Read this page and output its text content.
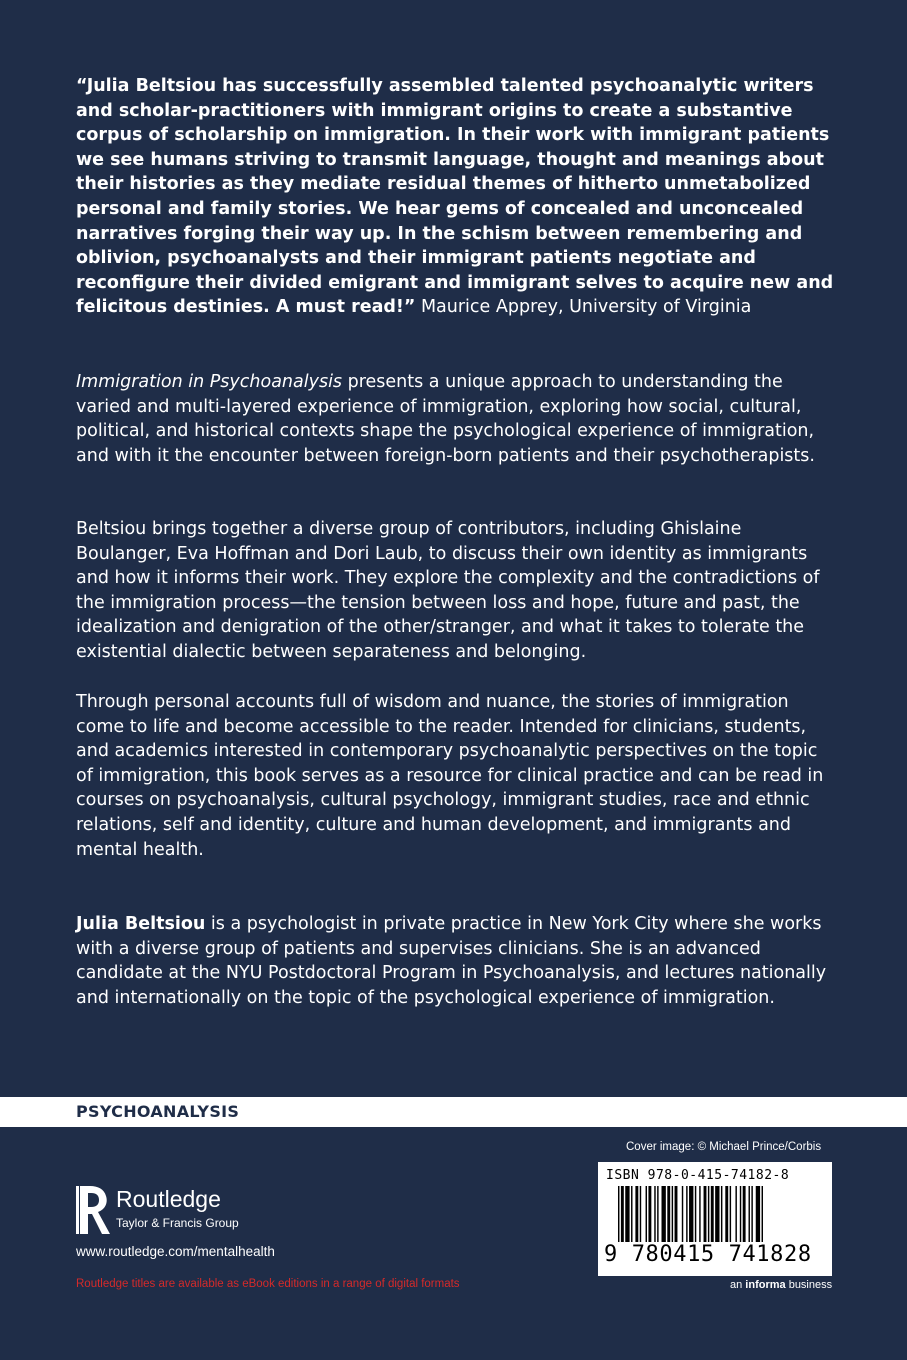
“Julia Beltsiou has successfully assembled talented psychoanalytic writers and scholar-practitioners with immigrant origins to create a substantive corpus of scholarship on immigration. In their work with immigrant patients we see humans striving to transmit language, thought and meanings about their histories as they mediate residual themes of hitherto unmetabolized personal and family stories. We hear gems of concealed and unconcealed narratives forging their way up. In the schism between remembering and oblivion, psychoanalysts and their immigrant patients negotiate and reconfigure their divided emigrant and immigrant selves to acquire new and felicitous destinies. A must read!” Maurice Apprey, University of Virginia
Immigration in Psychoanalysis presents a unique approach to understanding the varied and multi-layered experience of immigration, exploring how social, cultural, political, and historical contexts shape the psychological experience of immigration, and with it the encounter between foreign-born patients and their psychotherapists.
Beltsiou brings together a diverse group of contributors, including Ghislaine Boulanger, Eva Hoffman and Dori Laub, to discuss their own identity as immigrants and how it informs their work. They explore the complexity and the contradictions of the immigration process—the tension between loss and hope, future and past, the idealization and denigration of the other/stranger, and what it takes to tolerate the existential dialectic between separateness and belonging.
Through personal accounts full of wisdom and nuance, the stories of immigration come to life and become accessible to the reader. Intended for clinicians, students, and academics interested in contemporary psychoanalytic perspectives on the topic of immigration, this book serves as a resource for clinical practice and can be read in courses on psychoanalysis, cultural psychology, immigrant studies, race and ethnic relations, self and identity, culture and human development, and immigrants and mental health.
Julia Beltsiou is a psychologist in private practice in New York City where she works with a diverse group of patients and supervises clinicians. She is an advanced candidate at the NYU Postdoctoral Program in Psychoanalysis, and lectures nationally and internationally on the topic of the psychological experience of immigration.
PSYCHOANALYSIS
Routledge
Taylor & Francis Group
www.routledge.com/mentalhealth
Routledge titles are available as eBook editions in a range of digital formats
Cover image: © Michael Prince/Corbis
ISBN 978-0-415-74182-8
9 780415 741828
an informa business
